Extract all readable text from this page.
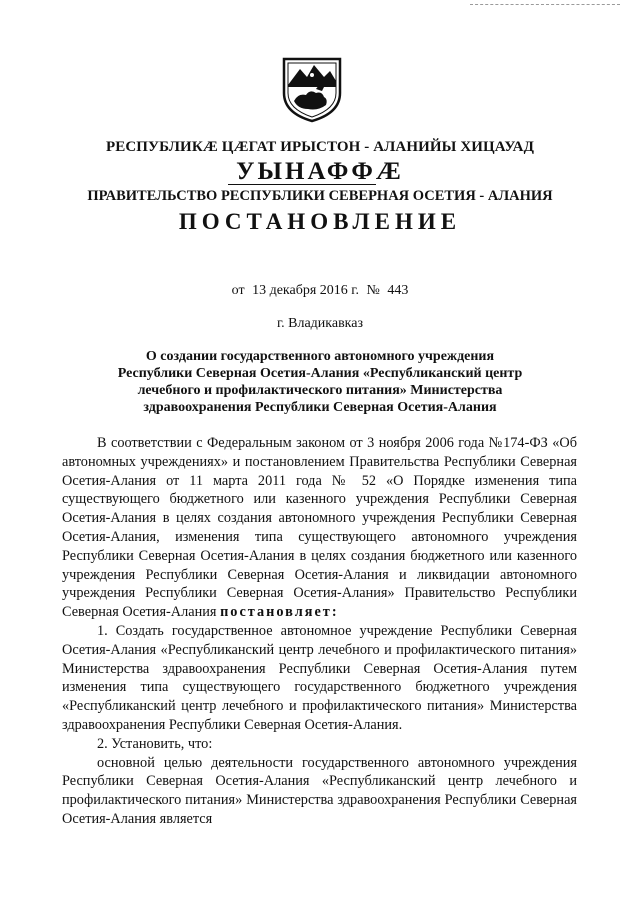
РЕСПУБЛИКӔ ЦӔГАТ ИРЫСТОН - АЛАНИЙЫ ХИЦАУАД
УЫНАФФӔ
ПРАВИТЕЛЬСТВО РЕСПУБЛИКИ СЕВЕРНАЯ ОСЕТИЯ - АЛАНИЯ
ПОСТАНОВЛЕНИЕ
от 13 декабря 2016 г. № 443
г. Владикавказ
О создании государственного автономного учреждения Республики Северная Осетия-Алания «Республиканский центр лечебного и профилактического питания» Министерства здравоохранения Республики Северная Осетия-Алания

В соответствии с Федеральным законом от 3 ноября 2006 года №174-ФЗ «Об автономных учреждениях» и постановлением Правительства Республики Северная Осетия-Алания от 11 марта 2011 года № 52 «О Порядке изменения типа существующего бюджетного или казенного учреждения Республики Северная Осетия-Алания в целях создания автономного учреждения Республики Северная Осетия-Алания, изменения типа существующего автономного учреждения Республики Северная Осетия-Алания в целях создания бюджетного или казенного учреждения Республики Северная Осетия-Алания и ликвидации автономного учреждения Республики Северная Осетия-Алания» Правительство Республики Северная Осетия-Алания постановляет:

1. Создать государственное автономное учреждение Республики Северная Осетия-Алания «Республиканский центр лечебного и профилактического питания» Министерства здравоохранения Республики Северная Осетия-Алания путем изменения типа существующего государственного бюджетного учреждения «Республиканский центр лечебного и профилактического питания» Министерства здравоохранения Республики Северная Осетия-Алания.

2. Установить, что:

основной целью деятельности государственного автономного учреждения Республики Северная Осетия-Алания «Республиканский центр лечебного и профилактического питания» Министерства здравоохранения Республики Северная Осетия-Алания является
